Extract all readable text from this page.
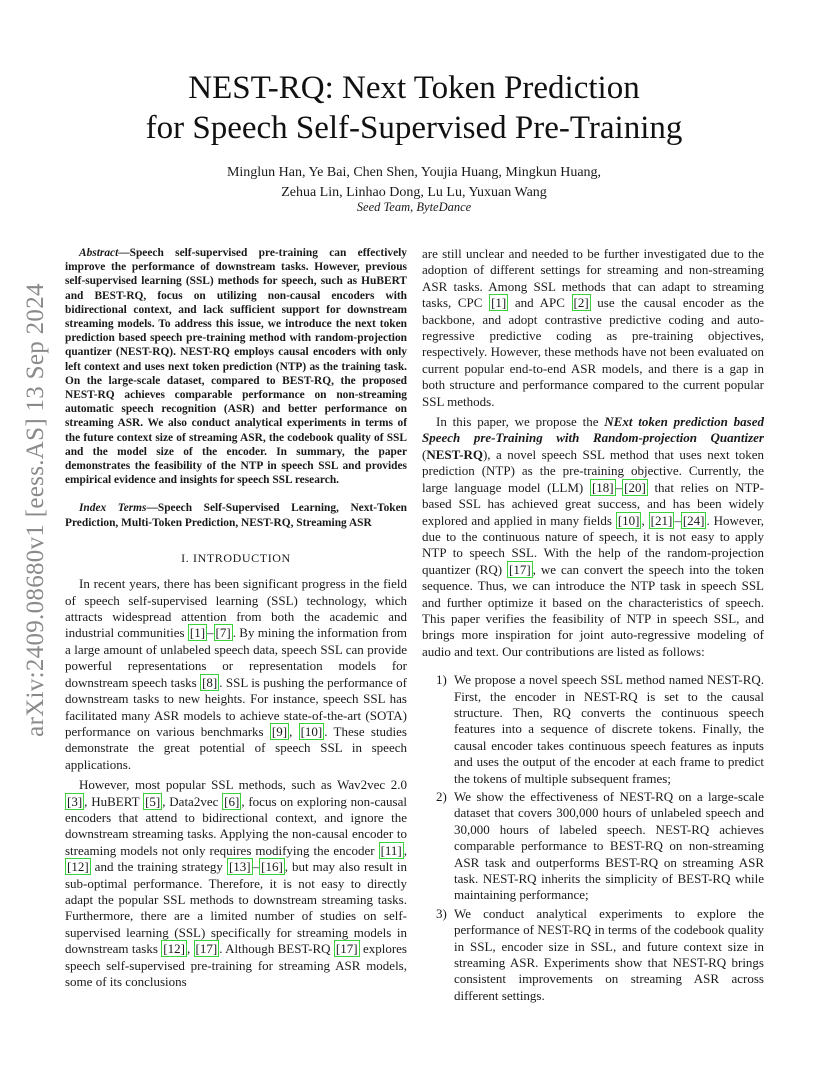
arXiv:2409.08680v1 [eess.AS] 13 Sep 2024
NEST-RQ: Next Token Prediction
for Speech Self-Supervised Pre-Training
Minglun Han, Ye Bai, Chen Shen, Youjia Huang, Mingkun Huang,
Zehua Lin, Linhao Dong, Lu Lu, Yuxuan Wang
Seed Team, ByteDance

Abstract—Speech self-supervised pre-training can effectively improve the performance of downstream tasks. However, previous self-supervised learning (SSL) methods for speech, such as HuBERT and BEST-RQ, focus on utilizing non-causal encoders with bidirectional context, and lack sufficient support for downstream streaming models. To address this issue, we introduce the next token prediction based speech pre-training method with random-projection quantizer (NEST-RQ). NEST-RQ employs causal encoders with only left context and uses next token prediction (NTP) as the training task. On the large-scale dataset, compared to BEST-RQ, the proposed NEST-RQ achieves comparable performance on non-streaming automatic speech recognition (ASR) and better performance on streaming ASR. We also conduct analytical experiments in terms of the future context size of streaming ASR, the codebook quality of SSL and the model size of the encoder. In summary, the paper demonstrates the feasibility of the NTP in speech SSL and provides empirical evidence and insights for speech SSL research.

Index Terms—Speech Self-Supervised Learning, Next-Token Prediction, Multi-Token Prediction, NEST-RQ, Streaming ASR

I. INTRODUCTION

In recent years, there has been significant progress in the field of speech self-supervised learning (SSL) technology, which attracts widespread attention from both the academic and industrial communities [1] – [7] . By mining the information from a large amount of unlabeled speech data, speech SSL can provide powerful representations or representation models for downstream speech tasks [8] . SSL is pushing the performance of downstream tasks to new heights. For instance, speech SSL has facilitated many ASR models to achieve state-of-the-art (SOTA) performance on various benchmarks [9] , [10] . These studies demonstrate the great potential of speech SSL in speech applications.

However, most popular SSL methods, such as Wav2vec 2.0 [3] , HuBERT [5] , Data2vec [6] , focus on exploring non-causal encoders that attend to bidirectional context, and ignore the downstream streaming tasks. Applying the non-causal encoder to streaming models not only requires modifying the encoder [11] , [12] and the training strategy [13] – [16] , but may also result in sub-optimal performance. Therefore, it is not easy to directly adapt the popular SSL methods to downstream streaming tasks. Furthermore, there are a limited number of studies on self-supervised learning (SSL) specifically for streaming models in downstream tasks [12] , [17] . Although BEST-RQ [17] explores speech self-supervised pre-training for streaming ASR models, some of its conclusions

are still unclear and needed to be further investigated due to the adoption of different settings for streaming and non-streaming ASR tasks. Among SSL methods that can adapt to streaming tasks, CPC [1] and APC [2] use the causal encoder as the backbone, and adopt contrastive predictive coding and auto-regressive predictive coding as pre-training objectives, respectively. However, these methods have not been evaluated on current popular end-to-end ASR models, and there is a gap in both structure and performance compared to the current popular SSL methods.

In this paper, we propose the NExt token prediction based Speech pre-Training with Random-projection Quantizer (NEST-RQ), a novel speech SSL method that uses next token prediction (NTP) as the pre-training objective. Currently, the large language model (LLM) [18] – [20] that relies on NTP-based SSL has achieved great success, and has been widely explored and applied in many fields [10] , [21] – [24] . However, due to the continuous nature of speech, it is not easy to apply NTP to speech SSL. With the help of the random-projection quantizer (RQ) [17] , we can convert the speech into the token sequence. Thus, we can introduce the NTP task in speech SSL and further optimize it based on the characteristics of speech. This paper verifies the feasibility of NTP in speech SSL, and brings more inspiration for joint auto-regressive modeling of audio and text. Our contributions are listed as follows:

1) We propose a novel speech SSL method named NEST-RQ. First, the encoder in NEST-RQ is set to the causal structure. Then, RQ converts the continuous speech features into a sequence of discrete tokens. Finally, the causal encoder takes continuous speech features as inputs and uses the output of the encoder at each frame to predict the tokens of multiple subsequent frames;
2) We show the effectiveness of NEST-RQ on a large-scale dataset that covers 300,000 hours of unlabeled speech and 30,000 hours of labeled speech. NEST-RQ achieves comparable performance to BEST-RQ on non-streaming ASR task and outperforms BEST-RQ on streaming ASR task. NEST-RQ inherits the simplicity of BEST-RQ while maintaining performance;
3) We conduct analytical experiments to explore the performance of NEST-RQ in terms of the codebook quality in SSL, encoder size in SSL, and future context size in streaming ASR. Experiments show that NEST-RQ brings consistent improvements on streaming ASR across different settings.
